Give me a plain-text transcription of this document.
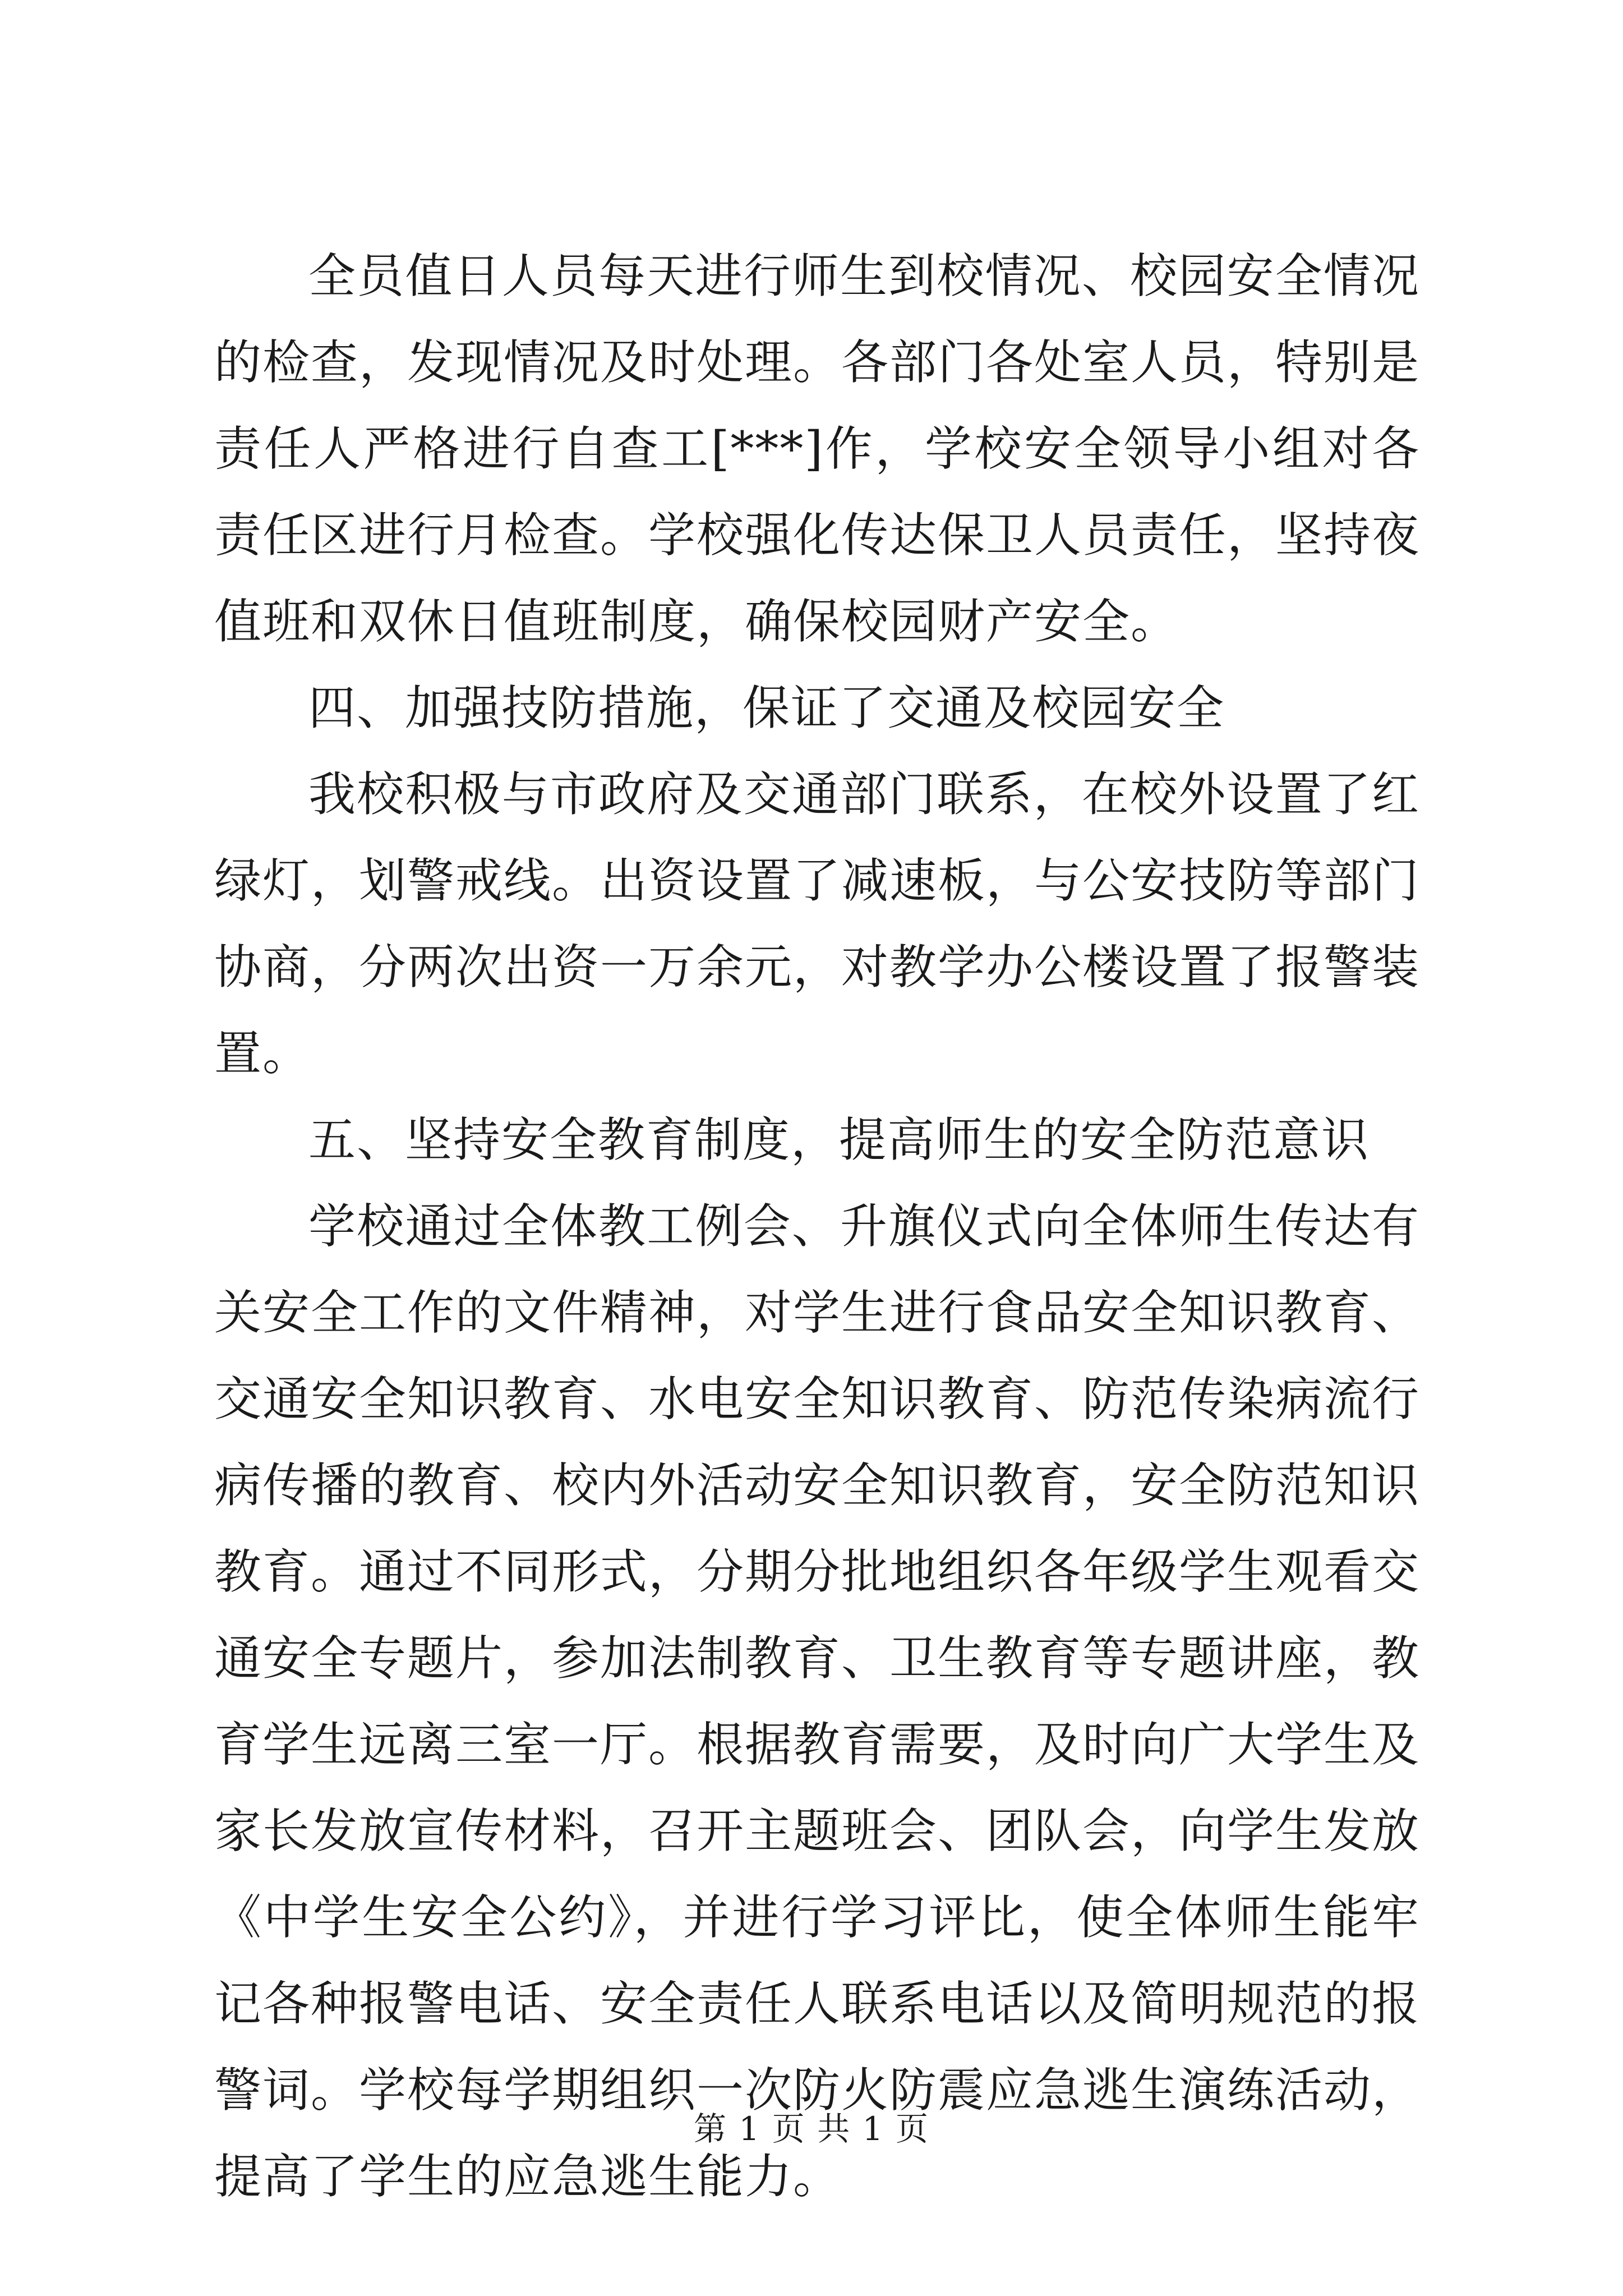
全员值日人员每天进行师生到校情况、校园安全情况的检查，发现情况及时处理。各部门各处室人员，特别是责任人严格进行自查工[***]作，学校安全领导小组对各责任区进行月检查。学校强化传达保卫人员责任，坚持夜值班和双休日值班制度，确保校园财产安全。

四、加强技防措施，保证了交通及校园安全

我校积极与市政府及交通部门联系，在校外设置了红绿灯，划警戒线。出资设置了减速板，与公安技防等部门协商，分两次出资一万余元，对教学办公楼设置了报警装置。

五、坚持安全教育制度，提高师生的安全防范意识

学校通过全体教工例会、升旗仪式向全体师生传达有关安全工作的文件精神，对学生进行食品安全知识教育、交通安全知识教育、水电安全知识教育、防范传染病流行病传播的教育、校内外活动安全知识教育，安全防范知识教育。通过不同形式，分期分批地组织各年级学生观看交通安全专题片，参加法制教育、卫生教育等专题讲座，教育学生远离三室一厅。根据教育需要，及时向广大学生及家长发放宣传材料，召开主题班会、团队会，向学生发放《中学生安全公约》，并进行学习评比，使全体师生能牢记各种报警电话、安全责任人联系电话以及简明规范的报警词。学校每学期组织一次防火防震应急逃生演练活动，提高了学生的应急逃生能力。

第 1 页 共 1 页
